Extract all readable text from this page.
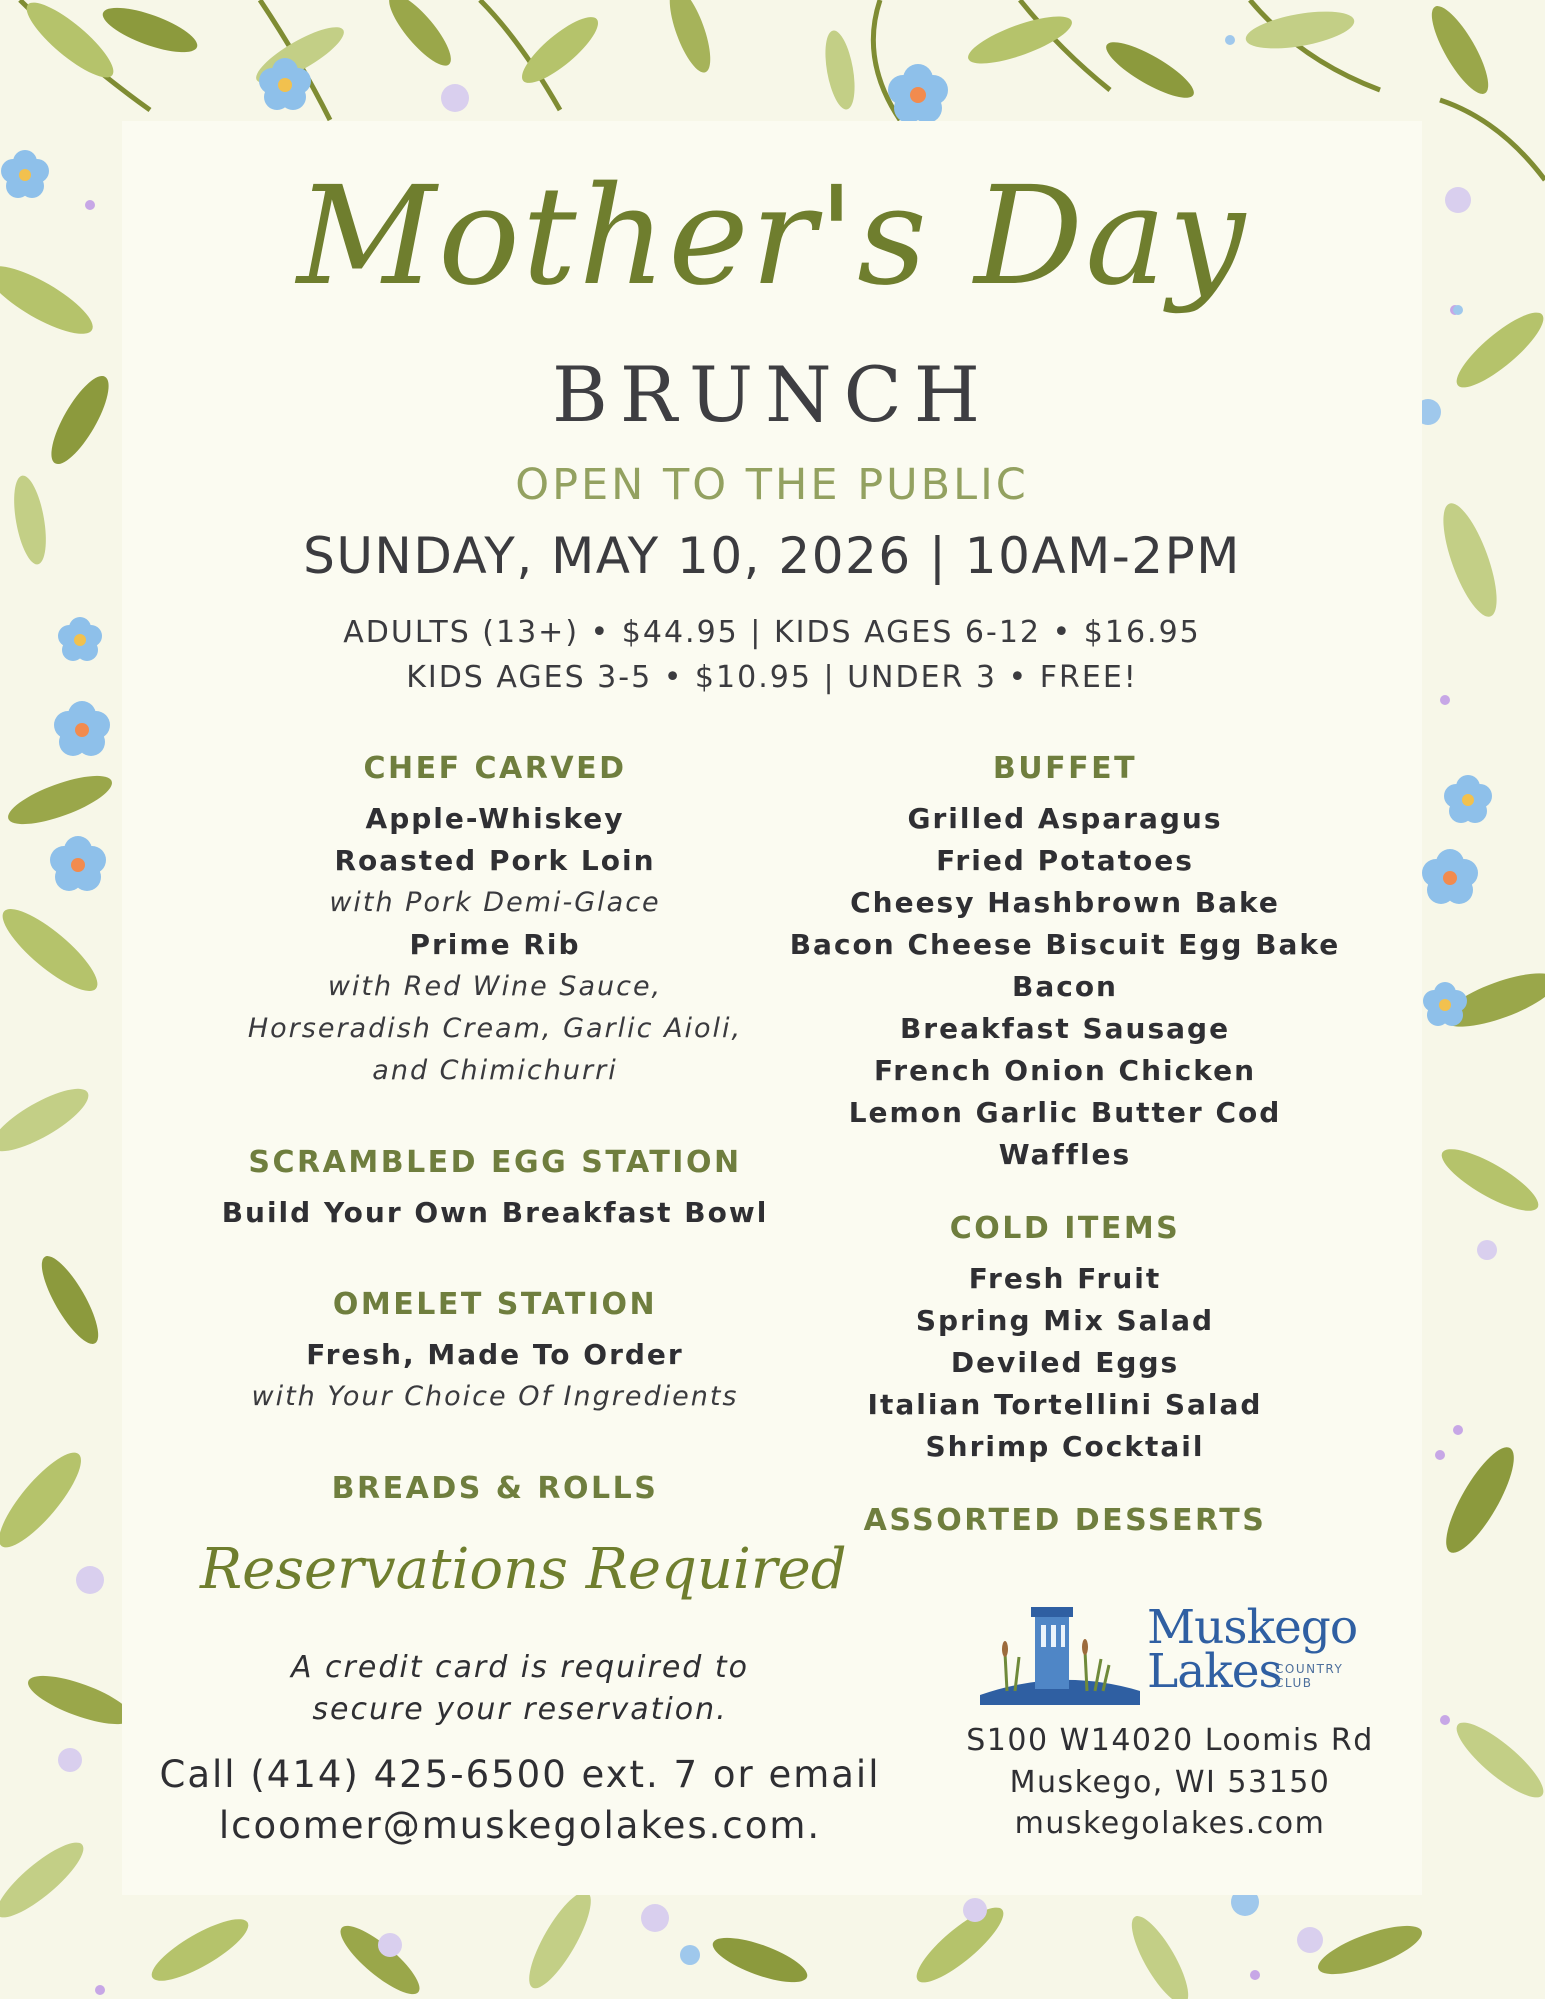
Mother's Day

BRUNCH

OPEN TO THE PUBLIC

SUNDAY, MAY 10, 2026 | 10AM-2PM

ADULTS (13+) • $44.95 | KIDS AGES 6-12 • $16.95

KIDS AGES 3-5 • $10.95 | UNDER 3 • FREE!

CHEF CARVED

Apple-Whiskey

Roasted Pork Loin

with Pork Demi-Glace

Prime Rib

with Red Wine Sauce,

Horseradish Cream, Garlic Aioli,

and Chimichurri

SCRAMBLED EGG STATION

Build Your Own Breakfast Bowl

OMELET STATION

Fresh, Made To Order

with Your Choice Of Ingredients

BREADS & ROLLS

BUFFET

Grilled Asparagus

Fried Potatoes

Cheesy Hashbrown Bake

Bacon Cheese Biscuit Egg Bake

Bacon

Breakfast Sausage

French Onion Chicken

Lemon Garlic Butter Cod

Waffles

COLD ITEMS

Fresh Fruit

Spring Mix Salad

Deviled Eggs

Italian Tortellini Salad

Shrimp Cocktail

ASSORTED DESSERTS

Reservations Required

A credit card is required to

secure your reservation.

Call (414) 425-6500 ext. 7 or email

lcoomer@muskegolakes.com.

Muskego
Lakes
COUNTRY
CLUB

S100 W14020 Loomis Rd

Muskego, WI 53150

muskegolakes.com
